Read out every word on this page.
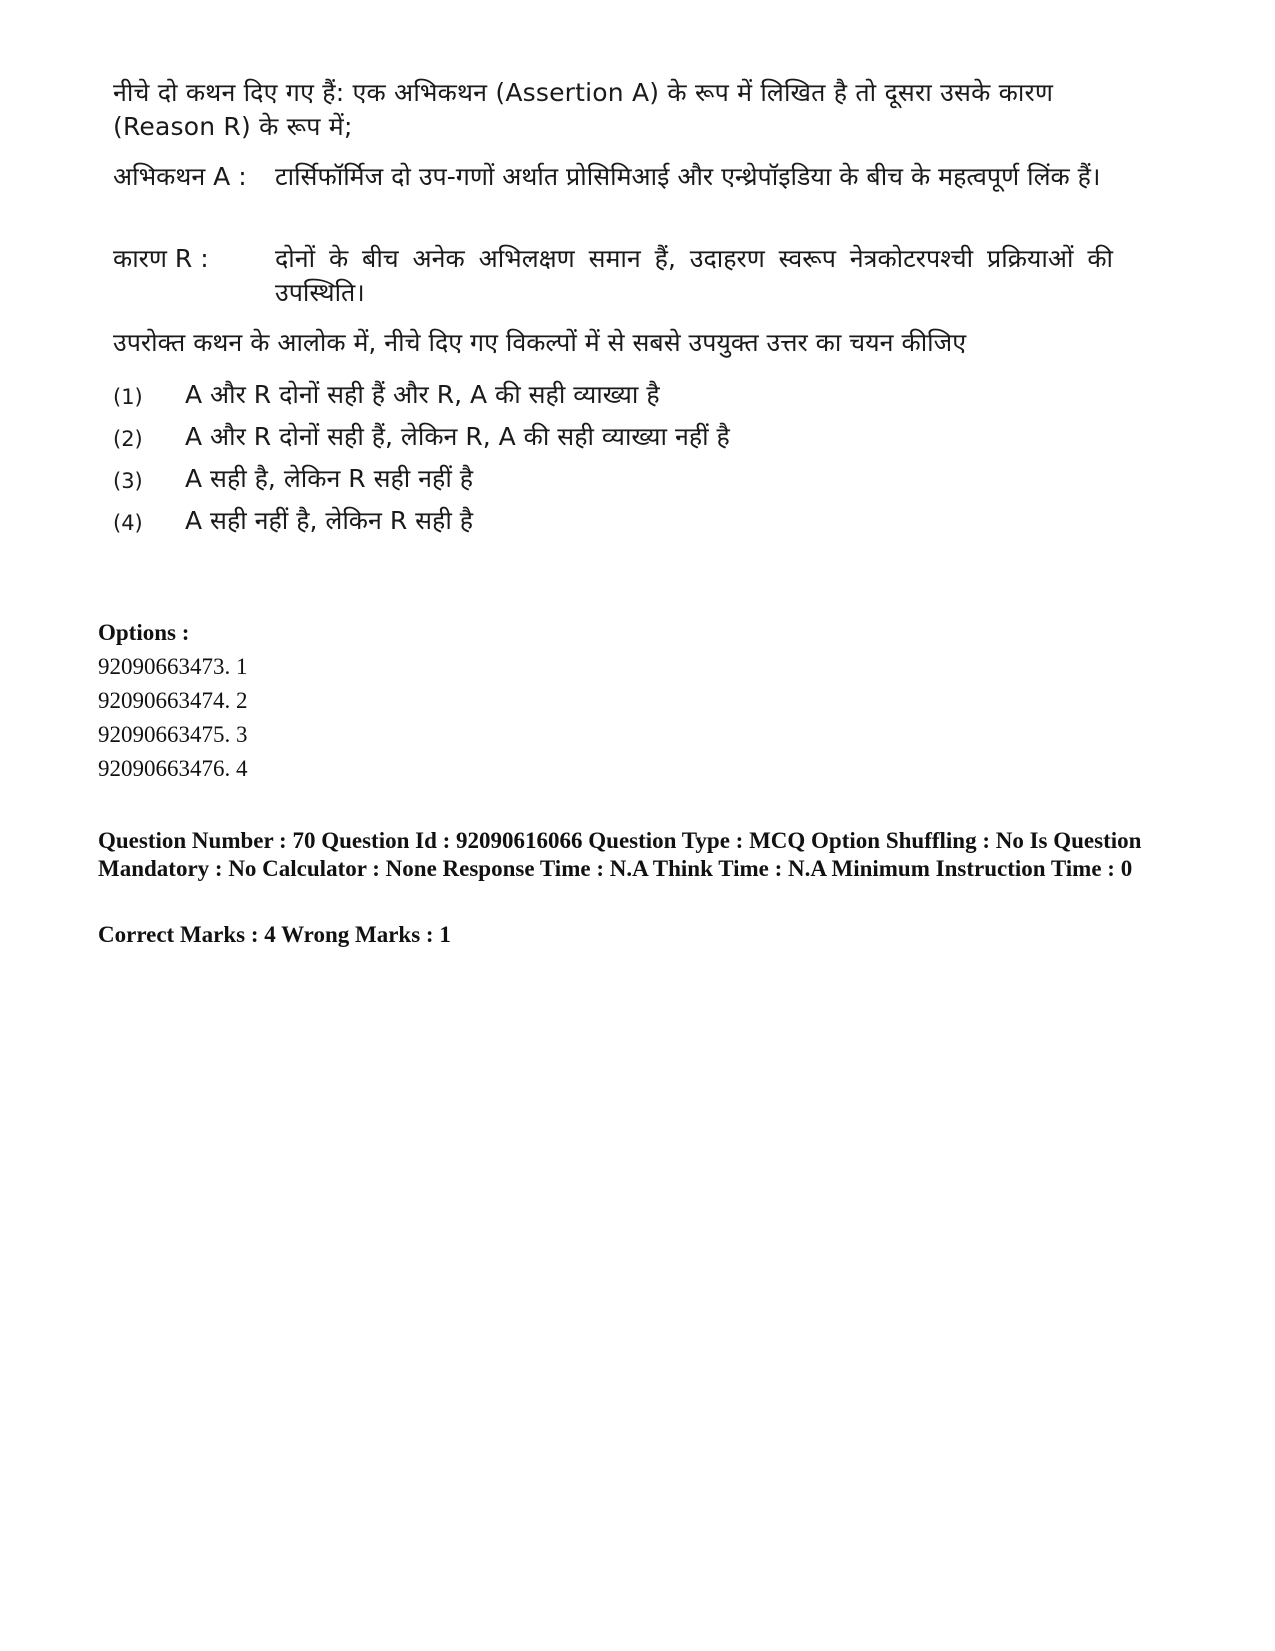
नीचे दो कथन दिए गए हैं: एक अभिकथन (Assertion A) के रूप में लिखित है तो दूसरा उसके कारण (Reason R) के रूप में;
अभिकथन A :	टार्सिफॉर्मिज दो उप-गणों अर्थात प्रोसिमिआई और एन्थ्रेपॉइडिया के बीच के महत्वपूर्ण लिंक हैं।
कारण R :	दोनों के बीच अनेक अभिलक्षण समान हैं, उदाहरण स्वरूप नेत्रकोटरपश्ची प्रक्रियाओं की उपस्थिति।
उपरोक्त कथन के आलोक में, नीचे दिए गए विकल्पों में से सबसे उपयुक्त उत्तर का चयन कीजिए
(1) A और R दोनों सही हैं और R, A की सही व्याख्या है
(2) A और R दोनों सही हैं, लेकिन R, A की सही व्याख्या नहीं है
(3) A सही है, लेकिन R सही नहीं है
(4) A सही नहीं है, लेकिन R सही है
Options :
92090663473. 1
92090663474. 2
92090663475. 3
92090663476. 4
Question Number : 70 Question Id : 92090616066 Question Type : MCQ Option Shuffling : No Is Question Mandatory : No Calculator : None Response Time : N.A Think Time : N.A Minimum Instruction Time : 0
Correct Marks : 4 Wrong Marks : 1
